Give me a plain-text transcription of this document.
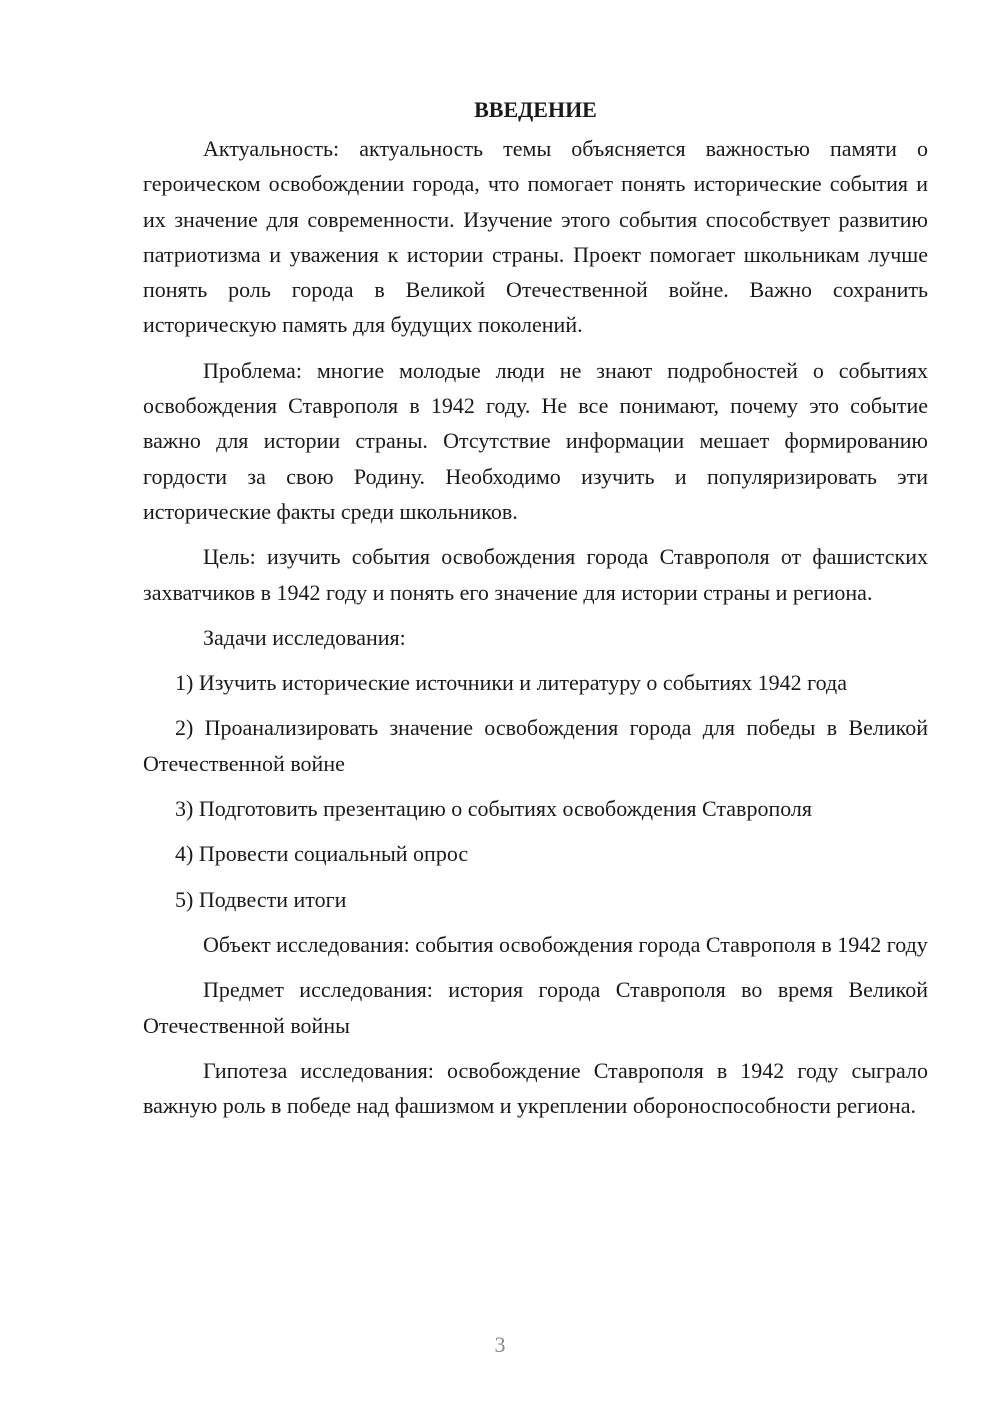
ВВЕДЕНИЕ

Актуальность: актуальность темы объясняется важностью памяти о героическом освобождении города, что помогает понять исторические события и их значение для современности. Изучение этого события способствует развитию патриотизма и уважения к истории страны. Проект помогает школьникам лучше понять роль города в Великой Отечественной войне. Важно сохранить историческую память для будущих поколений.

Проблема: многие молодые люди не знают подробностей о событиях освобождения Ставрополя в 1942 году. Не все понимают, почему это событие важно для истории страны. Отсутствие информации мешает формированию гордости за свою Родину. Необходимо изучить и популяризировать эти исторические факты среди школьников.

Цель: изучить события освобождения города Ставрополя от фашистских захватчиков в 1942 году и понять его значение для истории страны и региона.

Задачи исследования:

1) Изучить исторические источники и литературу о событиях 1942 года

2) Проанализировать значение освобождения города для победы в Великой Отечественной войне

3) Подготовить презентацию о событиях освобождения Ставрополя

4) Провести социальный опрос

5) Подвести итоги

Объект исследования: события освобождения города Ставрополя в 1942 году

Предмет исследования: история города Ставрополя во время Великой Отечественной войны

Гипотеза исследования: освобождение Ставрополя в 1942 году сыграло важную роль в победе над фашизмом и укреплении обороноспособности региона.

3
